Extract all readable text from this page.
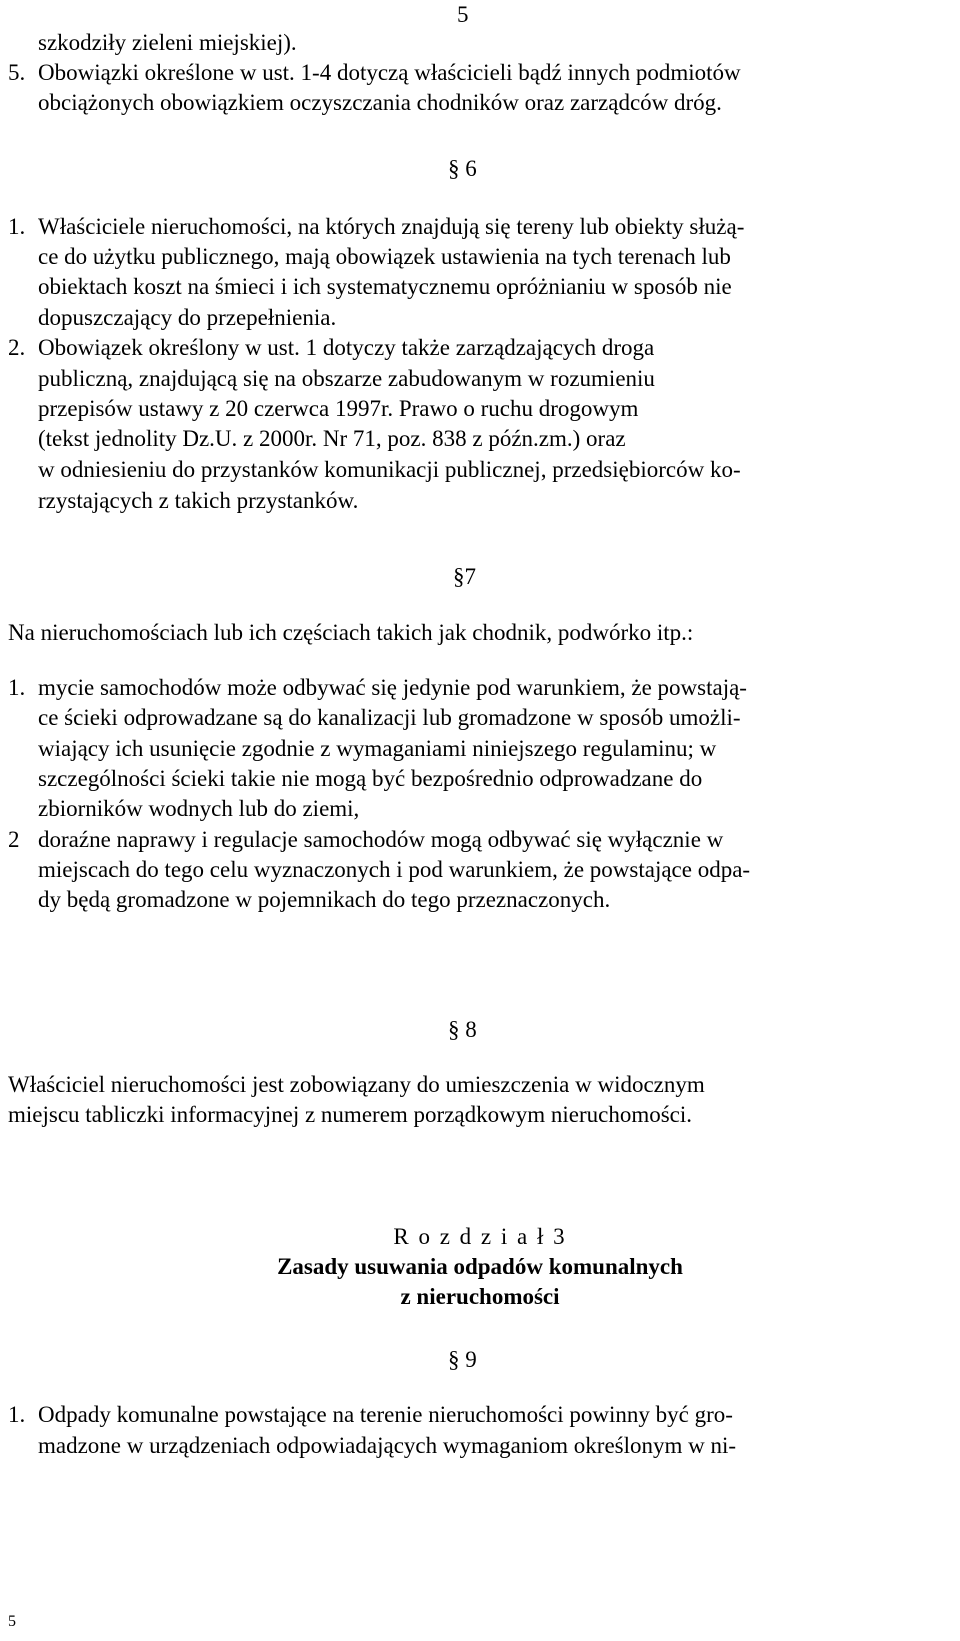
5
szkodziły zieleni miejskiej).
5. Obowiązki określone w ust. 1-4 dotyczą właścicieli bądź innych podmiotów
obciążonych obowiązkiem oczyszczania chodników oraz zarządców dróg.
§ 6
1. Właściciele nieruchomości, na których znajdują się tereny lub obiekty służą-
ce do użytku publicznego, mają obowiązek ustawienia na tych terenach lub
obiektach koszt na śmieci i ich systematycznemu opróżnianiu w sposób nie
dopuszczający do przepełnienia.
2. Obowiązek określony w ust. 1 dotyczy także zarządzających droga
publiczną, znajdującą się na obszarze zabudowanym w rozumieniu
przepisów ustawy z 20 czerwca 1997r. Prawo o ruchu drogowym
(tekst jednolity Dz.U. z 2000r. Nr 71, poz. 838 z późn.zm.) oraz
w odniesieniu do przystanków komunikacji publicznej, przedsiębiorców ko-
rzystających z takich przystanków.
§7
Na nieruchomościach lub ich częściach takich jak chodnik, podwórko itp.:
1. mycie samochodów może odbywać się jedynie pod warunkiem, że powstają-
ce ścieki odprowadzane są do kanalizacji lub gromadzone w sposób umożli-
wiający ich usunięcie zgodnie z wymaganiami niniejszego regulaminu; w
szczególności ścieki takie nie mogą być bezpośrednio odprowadzane do
zbiorników wodnych lub do ziemi,
2 doraźne naprawy i regulacje samochodów mogą odbywać się wyłącznie w
miejscach do tego celu wyznaczonych i pod warunkiem, że powstające odpa-
dy będą gromadzone w pojemnikach do tego przeznaczonych.
§ 8
Właściciel nieruchomości jest zobowiązany do umieszczenia w widocznym
miejscu tabliczki informacyjnej z numerem porządkowym nieruchomości.
R o z d z i a ł 3
Zasady usuwania odpadów komunalnych
z nieruchomości
§ 9
1. Odpady komunalne powstające na terenie nieruchomości powinny być gro-
madzone w urządzeniach odpowiadających wymaganiom określonym w ni-
5
